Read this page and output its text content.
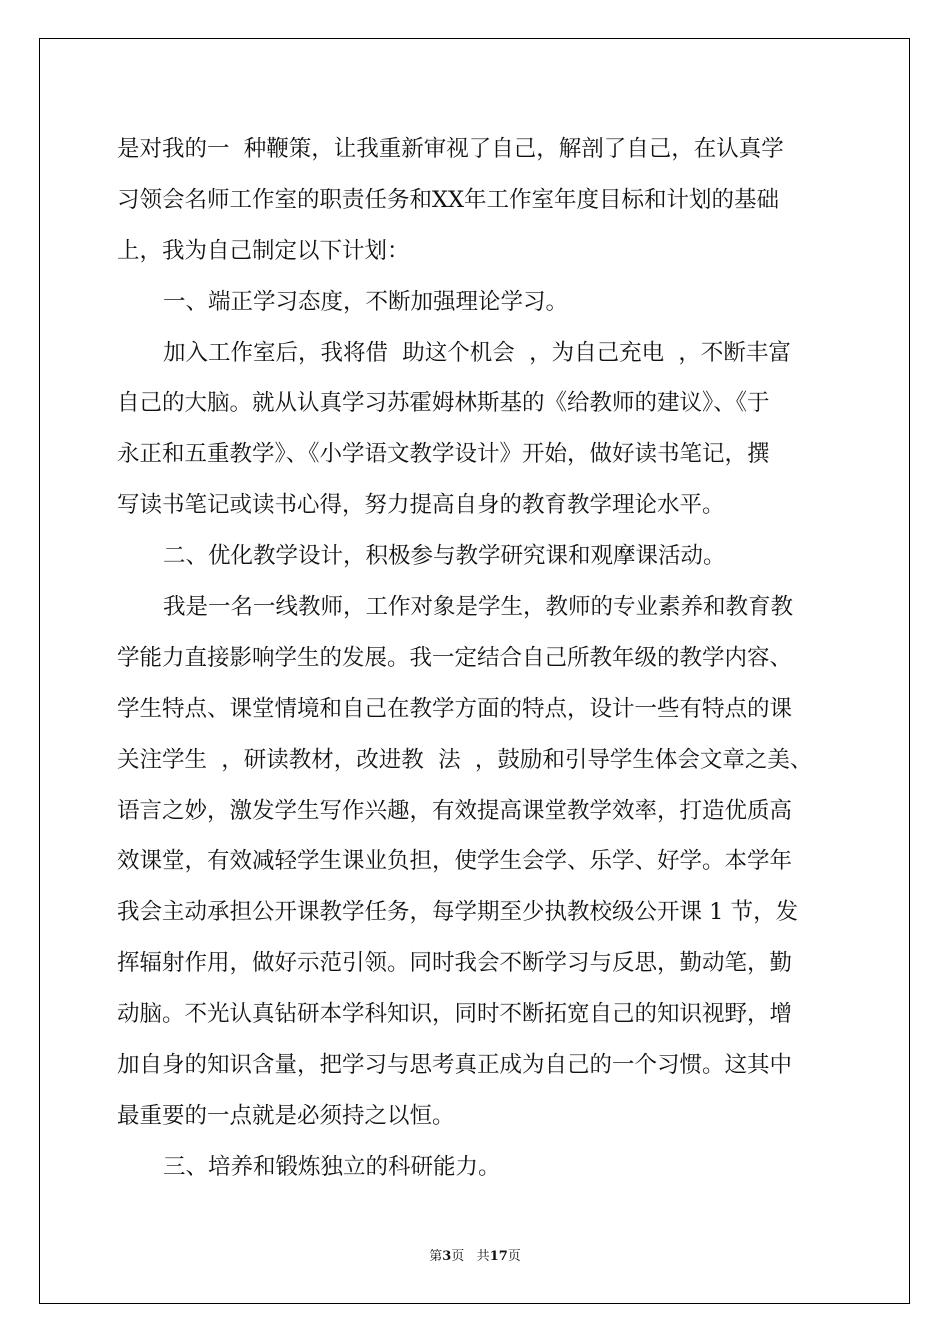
是对我的一  种鞭策，让我重新审视了自己，解剖了自己，在认真学
习领会名师工作室的职责任务和XX年工作室年度目标和计划的基础
上，我为自己制定以下计划：
一、端正学习态度，不断加强理论学习。
加入工作室后，我将借  助这个机会  ，为自己充电  ，不断丰富
自己的大脑。就从认真学习苏霍姆林斯基的《给教师的建议》、《于
永正和五重教学》、《小学语文教学设计》开始，做好读书笔记，撰
写读书笔记或读书心得，努力提高自身的教育教学理论水平。
二、优化教学设计，积极参与教学研究课和观摩课活动。
我是一名一线教师，工作对象是学生，教师的专业素养和教育教
学能力直接影响学生的发展。我一定结合自己所教年级的教学内容、
学生特点、课堂情境和自己在教学方面的特点，设计一些有特点的课
关注学生  ，研读教材，改进教  法  ，鼓励和引导学生体会文章之美、
语言之妙，激发学生写作兴趣，有效提高课堂教学效率，打造优质高
效课堂，有效减轻学生课业负担，使学生会学、乐学、好学。本学年
我会主动承担公开课教学任务，每学期至少执教校级公开课 1 节，发
挥辐射作用，做好示范引领。同时我会不断学习与反思，勤动笔，勤
动脑。不光认真钻研本学科知识，同时不断拓宽自己的知识视野，增
加自身的知识含量，把学习与思考真正成为自己的一个习惯。这其中
最重要的一点就是必须持之以恒。
三、培养和锻炼独立的科研能力。
第3页 共17页
